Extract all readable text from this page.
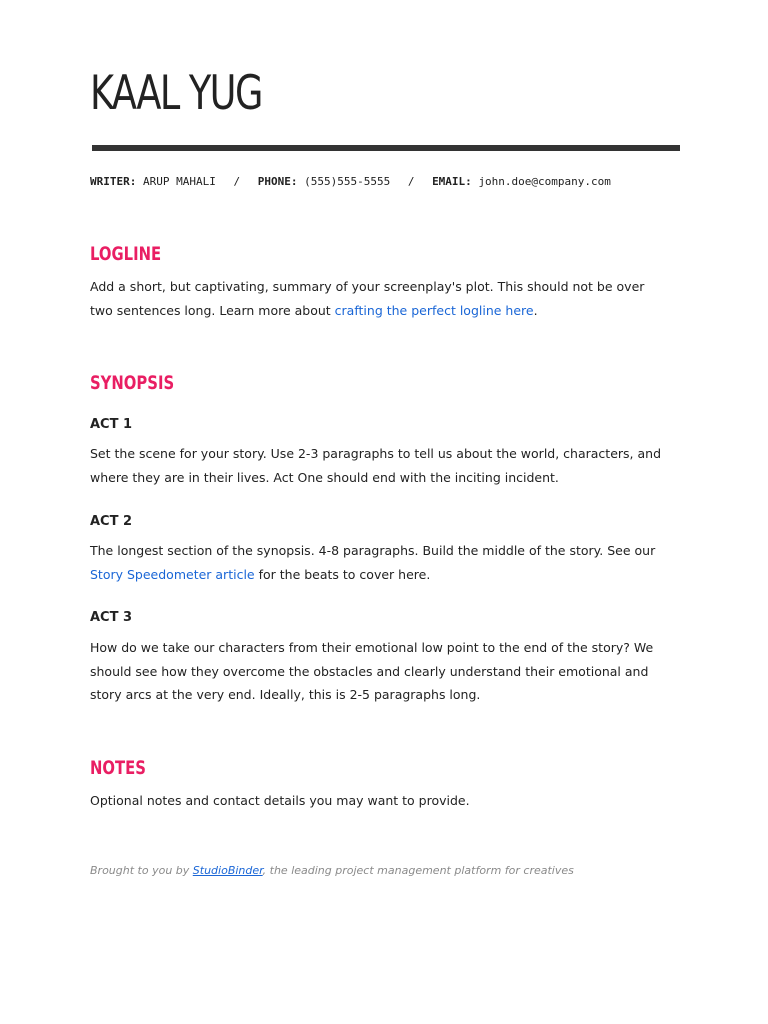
KAAL YUG
WRITER: ARUP MAHALI / PHONE: (555)555-5555 / EMAIL: john.doe@company.com
LOGLINE

Add a short, but captivating, summary of your screenplay's plot. This should not be over two sentences long. Learn more about crafting the perfect logline here.

SYNOPSIS
ACT 1

Set the scene for your story. Use 2-3 paragraphs to tell us about the world, characters, and where they are in their lives. Act One should end with the inciting incident.

ACT 2

The longest section of the synopsis. 4-8 paragraphs. Build the middle of the story. See our Story Speedometer article for the beats to cover here.

ACT 3

How do we take our characters from their emotional low point to the end of the story? We should see how they overcome the obstacles and clearly understand their emotional and story arcs at the very end. Ideally, this is 2-5 paragraphs long.

NOTES

Optional notes and contact details you may want to provide.

Brought to you by StudioBinder, the leading project management platform for creatives
